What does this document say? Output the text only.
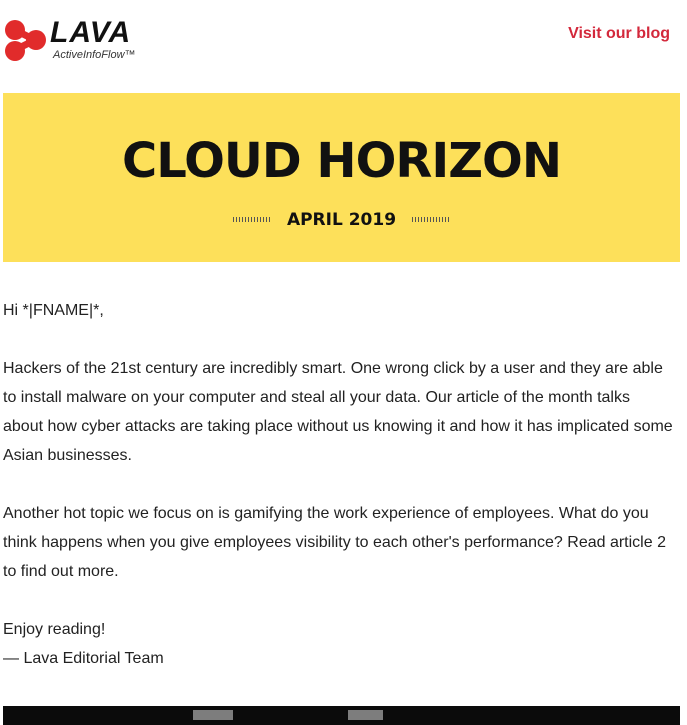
LAVA
ActiveInfoFlow™
Visit our blog
CLOUD HORIZON
APRIL 2019

Hi *|FNAME|*,

Hackers of the 21st century are incredibly smart. One wrong click by a user and they are able to install malware on your computer and steal all your data. Our article of the month talks about how cyber attacks are taking place without us knowing it and how it has implicated some Asian businesses.

Another hot topic we focus on is gamifying the work experience of employees. What do you think happens when you give employees visibility to each other's performance? Read article 2 to find out more.

Enjoy reading!
— Lava Editorial Team
